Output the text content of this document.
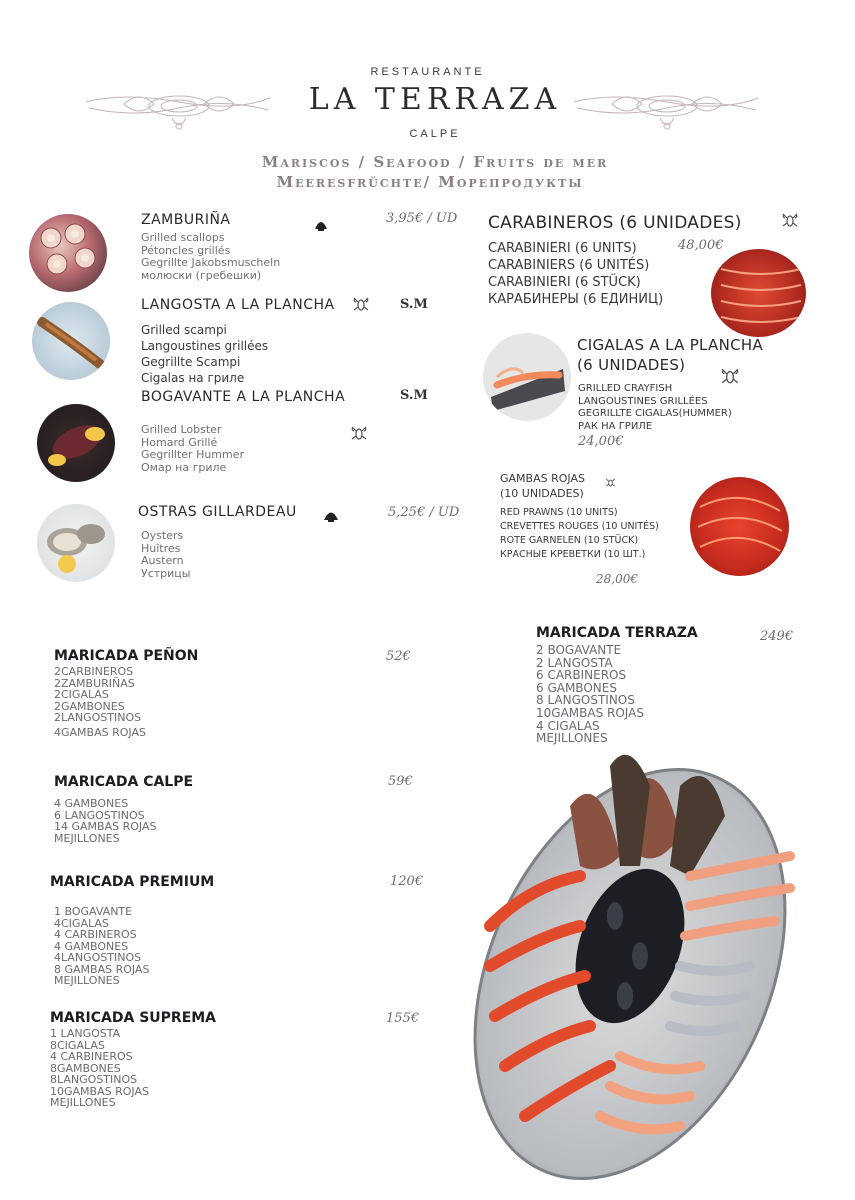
RESTAURANTE
LA TERRAZA
CALPE
Mariscos / Seafood / Fruits de mer
Meeresfrüchte/ Морепродукты
ZAMBURIÑA	3,95€ / UD
Grilled scallops
Pétoncles grillés
Gegrillte Jakobsmuscheln
молюски (гребешки)
LANGOSTA A LA PLANCHA	S.M
Grilled scampi
Langoustines grillées
Gegrillte Scampi
Cigalas на гриле
BOGAVANTE A LA PLANCHA	S.M
Grilled Lobster
Homard Grillé
Gegrillter Hummer
Омар на гриле
OSTRAS GILLARDEAU	5,25€ / UD
Oysters
Huîtres
Austern
Устрицы
CARABINEROS (6 UNIDADES)
CARABINIERI (6 UNITS)
CARABINIERS (6 UNITÉS)
CARABINIERI (6 STÜCK)
КАРАБИНЕРЫ (6 ЕДИНИЦ)
48,00€
CIGALAS A LA PLANCHA
(6 UNIDADES)
GRILLED CRAYFISH
LANGOUSTINES GRILLÉES
GEGRILLTE CIGALAS(HUMMER)
РАК НА ГРИЛЕ
24,00€
GAMBAS ROJAS
(10 UNIDADES)
RED PRAWNS (10 UNITS)
CREVETTES ROUGES (10 UNITÉS)
ROTE GARNELEN (10 STÜCK)
КРАСНЫЕ КРЕВЕТКИ (10 ШТ.)
28,00€
MARICADA PEÑON	52€
2CARBINEROS
2ZAMBURIÑAS
2CIGALAS
2GAMBONES
2LANGOSTINOS
4GAMBAS ROJAS
MARICADA CALPE	59€
4 GAMBONES
6 LANGOSTINOS
14 GAMBAS ROJAS
MEJILLONES
MARICADA PREMIUM	120€
1 BOGAVANTE
4CIGALAS
4 CARBINEROS
4 GAMBONES
4LANGOSTINOS
8 GAMBAS ROJAS
MEJILLONES
MARICADA SUPREMA	155€
1 LANGOSTA
8CIGALAS
4 CARBINEROS
8GAMBONES
8LANGOSTINOS
10GAMBAS ROJAS
MEJILLONES
MARICADA TERRAZA	249€
2 BOGAVANTE
2 LANGOSTA
6 CARBINEROS
6 GAMBONES
8 LANGOSTINOS
10GAMBAS ROJAS
4 CIGALAS
MEJILLONES
